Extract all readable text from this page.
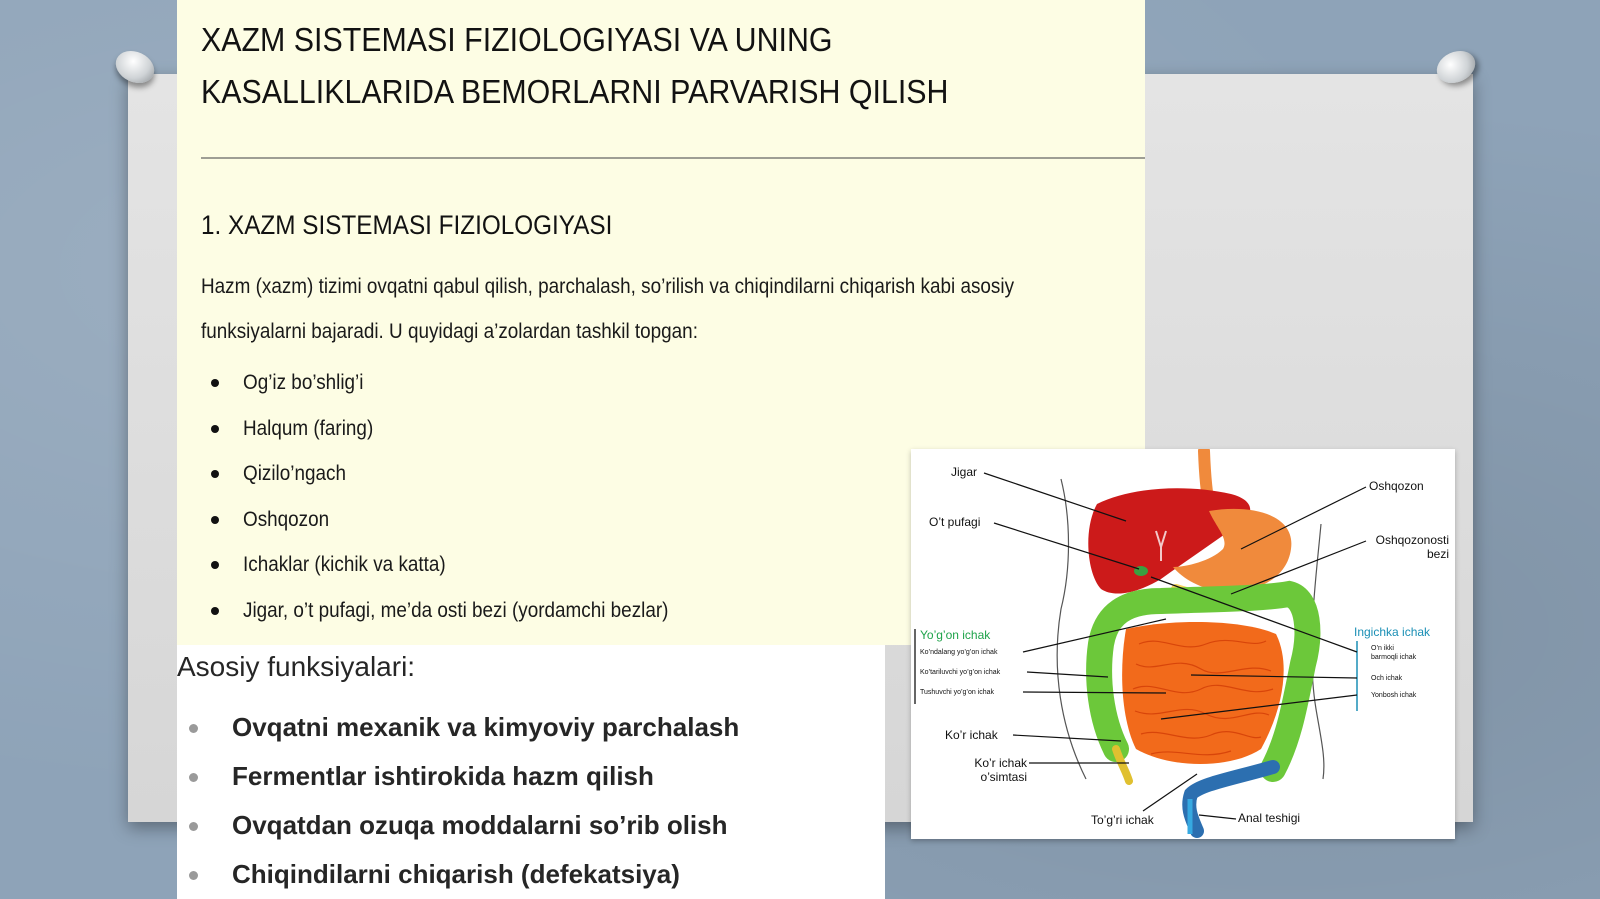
XAZM SISTEMASI FIZIOLOGIYASI VA UNING KASALLIKLARIDA BEMORLARNI PARVARISH QILISH
1. XAZM SISTEMASI FIZIOLOGIYASI

Hazm (xazm) tizimi ovqatni qabul qilish, parchalash, so’rilish va chiqindilarni chiqarish kabi asosiy funksiyalarni bajaradi. U quyidagi a’zolardan tashkil topgan:

Og’iz bo’shlig’i
Halqum (faring)
Qizilo’ngach
Oshqozon
Ichaklar (kichik va katta)
Jigar, o’t pufagi, me’da osti bezi (yordamchi bezlar)
Asosiy funksiyalari:
Ovqatni mexanik va kimyoviy parchalash
Fermentlar ishtirokida hazm qilish
Ovqatdan ozuqa moddalarni so’rib olish
Chiqindilarni chiqarish (defekatsiya)
Jigar
O’t pufagi
Oshqozon
Oshqozonosti
bezi
Yo’g’on ichak
Ko’ndalang yo’g’on ichak
Ko’tariluvchi yo’g’on ichak
Tushuvchi yo’g’on ichak
Ingichka ichak
O’n ikki
barmoqli ichak
Och ichak
Yonbosh ichak
Ko’r ichak
Ko’r ichak
o’simtasi
To’g’ri ichak	Anal teshigi
